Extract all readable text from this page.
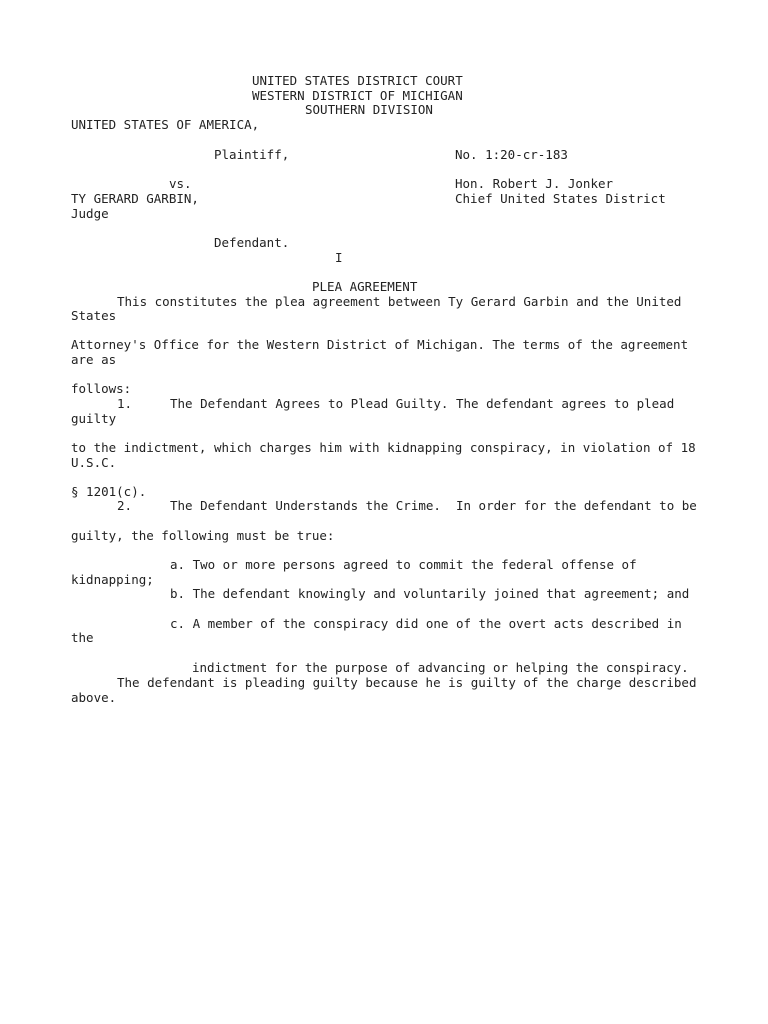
UNITED STATES DISTRICT COURT
WESTERN DISTRICT OF MICHIGAN
SOUTHERN DIVISION
UNITED STATES OF AMERICA,
Plaintiff,	No. 1:20-cr-183
vs.	Hon. Robert J. Jonker
TY GERARD GARBIN,	Chief United States District
Judge
Defendant.
I
PLEA AGREEMENT
This constitutes the plea agreement between Ty Gerard Garbin and the United
States
Attorney's Office for the Western District of Michigan. The terms of the agreement
are as
follows:
1.	The Defendant Agrees to Plead Guilty. The defendant agrees to plead
guilty
to the indictment, which charges him with kidnapping conspiracy, in violation of 18
U.S.C.
§ 1201(c).
2.	The Defendant Understands the Crime.  In order for the defendant to be
guilty, the following must be true:
a. Two or more persons agreed to commit the federal offense of
kidnapping;
b. The defendant knowingly and voluntarily joined that agreement; and
c. A member of the conspiracy did one of the overt acts described in
the
indictment for the purpose of advancing or helping the conspiracy.
The defendant is pleading guilty because he is guilty of the charge described
above.
